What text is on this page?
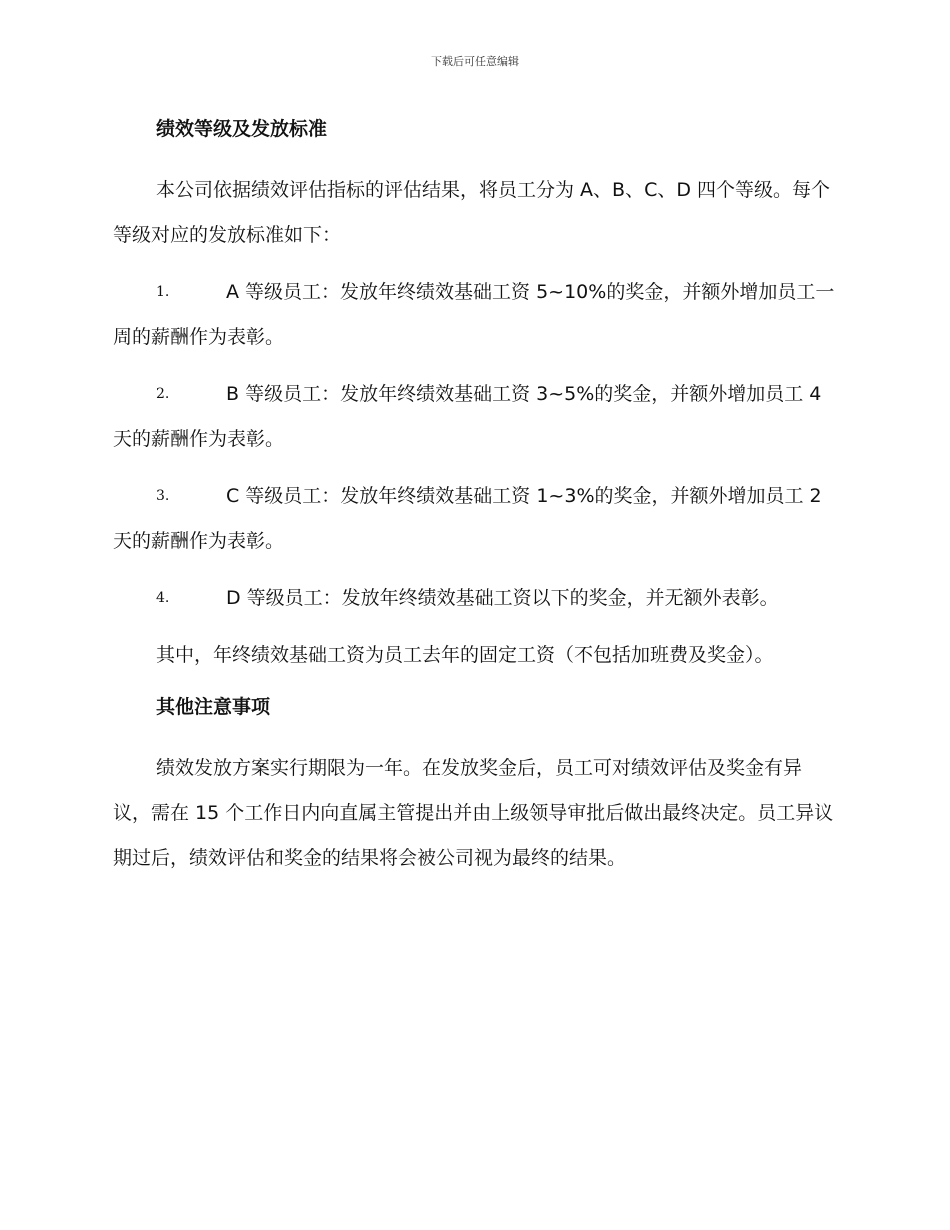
下载后可任意编辑
绩效等级及发放标准

本公司依据绩效评估指标的评估结果，将员工分为 A、B、C、D 四个等级。每个等级对应的发放标准如下：

1.	A 等级员工：发放年终绩效基础工资 5~10%的奖金，并额外增加员工一周的薪酬作为表彰。

2.	B 等级员工：发放年终绩效基础工资 3~5%的奖金，并额外增加员工 4 天的薪酬作为表彰。

3.	C 等级员工：发放年终绩效基础工资 1~3%的奖金，并额外增加员工 2 天的薪酬作为表彰。

4.	D 等级员工：发放年终绩效基础工资以下的奖金，并无额外表彰。

其中，年终绩效基础工资为员工去年的固定工资（不包括加班费及奖金）。

其他注意事项

绩效发放方案实行期限为一年。在发放奖金后，员工可对绩效评估及奖金有异议，需在 15 个工作日内向直属主管提出并由上级领导审批后做出最终决定。员工异议期过后，绩效评估和奖金的结果将会被公司视为最终的结果。
